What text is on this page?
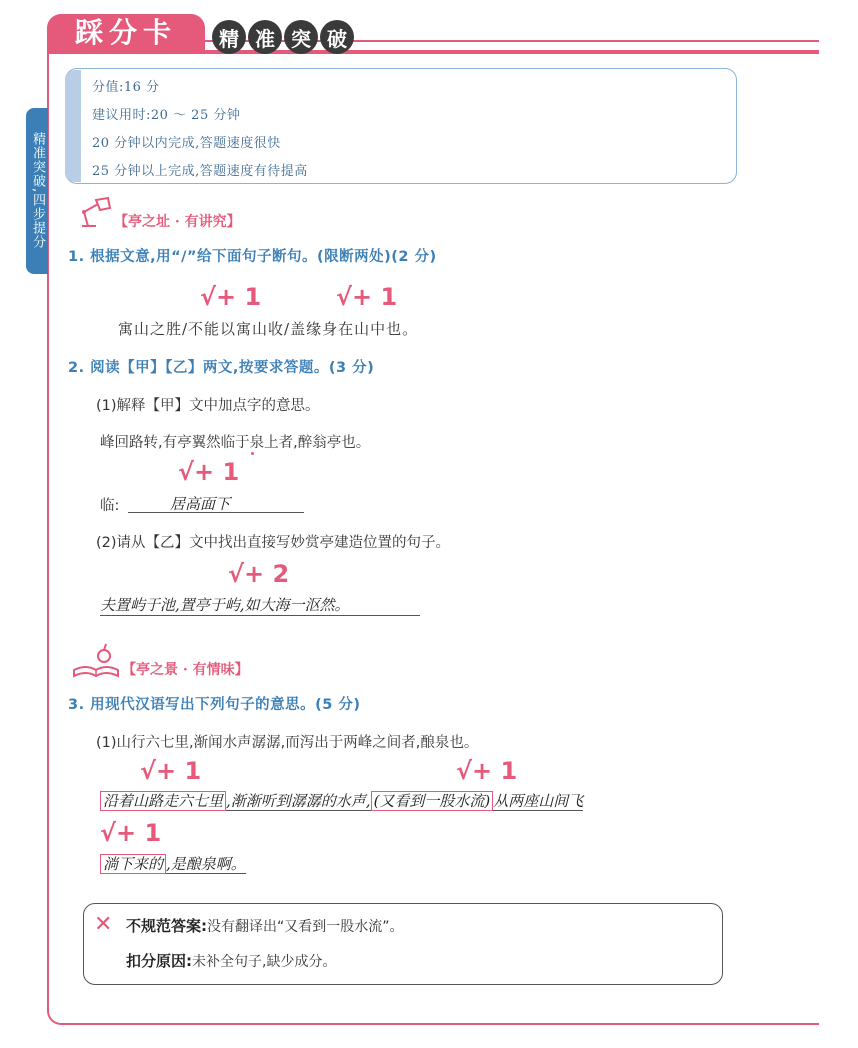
踩分卡	精 准 突 破
精准突破,四步提分
分值:16 分
建议用时:20 ～ 25 分钟
20 分钟以内完成,答题速度很快
25 分钟以上完成,答题速度有待提高
【亭之址 · 有讲究】
1. 根据文意,用“/”给下面句子断句。(限断两处)(2 分)
√+ 1	√+ 1
寓山之胜/不能以寓山收/盖缘身在山中也。
2. 阅读【甲】【乙】两文,按要求答题。(3 分)
(1)解释【甲】文中加点字的意思。
峰回路转,有亭翼然临于泉上者,醉翁亭也。
√+ 1
临:	居高面下
(2)请从【乙】文中找出直接写妙赏亭建造位置的句子。
√+ 2
夫置屿于池,置亭于屿,如大海一沤然。
【亭之景 · 有情味】
3. 用现代汉语写出下列句子的意思。(5 分)
(1)山行六七里,渐闻水声潺潺,而泻出于两峰之间者,酿泉也。
√+ 1	√+ 1
沿着山路走六七里 ,渐渐听到潺潺的水声, (又看到一股水流) 从两座山间飞
√+ 1
淌下来的 ,是酿泉啊。
✕ 不规范答案:没有翻译出“又看到一股水流”。
扣分原因:未补全句子,缺少成分。
